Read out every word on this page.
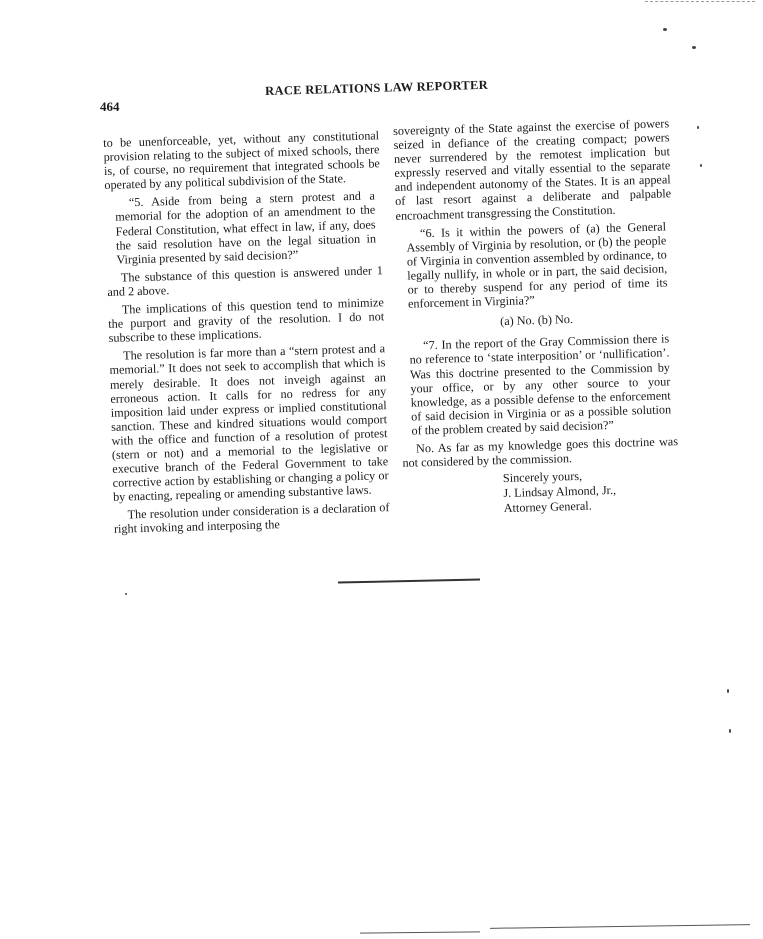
464
RACE RELATIONS LAW REPORTER

to be unenforceable, yet, without any constitutional provision relating to the subject of mixed schools, there is, of course, no requirement that integrated schools be operated by any political subdivision of the State.

“5. Aside from being a stern protest and a memorial for the adoption of an amendment to the Federal Constitution, what effect in law, if any, does the said resolution have on the legal situation in Virginia presented by said decision?”

The substance of this question is answered under 1 and 2 above.

The implications of this question tend to minimize the purport and gravity of the resolution. I do not subscribe to these implications.

The resolution is far more than a “stern protest and a memorial.” It does not seek to accomplish that which is merely desirable. It does not inveigh against an erroneous action. It calls for no redress for any imposition laid under express or implied constitutional sanction. These and kindred situations would comport with the office and function of a resolution of protest (stern or not) and a memorial to the legislative or executive branch of the Federal Government to take corrective action by establishing or changing a policy or by enacting, repealing or amending substantive laws.

The resolution under consideration is a declaration of right invoking and interposing the

sovereignty of the State against the exercise of powers seized in defiance of the creating compact; powers never surrendered by the remotest implication but expressly reserved and vitally essential to the separate and independent autonomy of the States. It is an appeal of last resort against a deliberate and palpable encroachment transgressing the Constitution.

“6. Is it within the powers of (a) the General Assembly of Virginia by resolution, or (b) the people of Virginia in convention assembled by ordinance, to legally nullify, in whole or in part, the said decision, or to thereby suspend for any period of time its enforcement in Virginia?”

(a) No. (b) No.

“7. In the report of the Gray Commission there is no reference to ‘state interposition’ or ‘nullification’. Was this doctrine presented to the Commission by your office, or by any other source to your knowledge, as a possible defense to the enforcement of said decision in Virginia or as a possible solution of the problem created by said decision?”

No. As far as my knowledge goes this doctrine was not considered by the commission.

Sincerely yours,
J. Lindsay Almond, Jr.,
Attorney General.
